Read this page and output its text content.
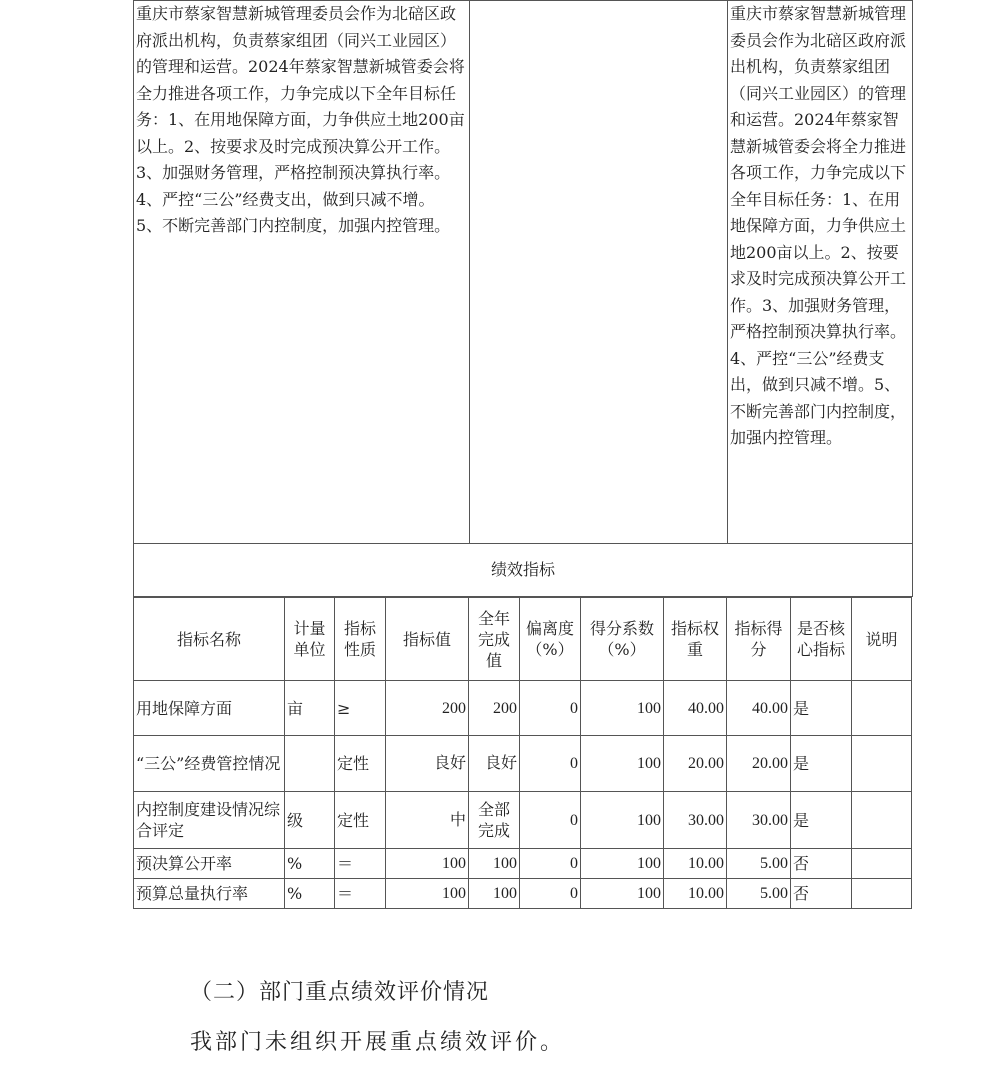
重庆市蔡家智慧新城管理委员会作为北碚区政府派出机构，负责蔡家组团（同兴工业园区）的管理和运营。2024年蔡家智慧新城管委会将全力推进各项工作，力争完成以下全年目标任务：1、在用地保障方面，力争供应土地200亩以上。2、按要求及时完成预决算公开工作。3、加强财务管理，严格控制预决算执行率。4、严控“三公”经费支出，做到只减不增。
5、不断完善部门内控制度，加强内控管理。		重庆市蔡家智慧新城管理委员会作为北碚区政府派出机构，负责蔡家组团（同兴工业园区）的管理和运营。2024年蔡家智慧新城管委会将全力推进各项工作，力争完成以下全年目标任务：1、在用地保障方面，力争供应土地200亩以上。2、按要求及时完成预决算公开工作。3、加强财务管理，严格控制预决算执行率。4、严控“三公”经费支出，做到只减不增。5、不断完善部门内控制度，加强内控管理。
绩效指标
指标名称	计量单位	指标性质	指标值	全年完成值	偏离度（%）	得分系数（%）	指标权重	指标得分	是否核心指标	说明
用地保障方面	亩	≥	200	200	0	100	40.00	40.00	是	
“三公”经费管控情况		定性	良好	良好	0	100	20.00	20.00	是	
内控制度建设情况综合评定	级	定性	中	全部完成	0	100	30.00	30.00	是	
预决算公开率	%	＝	100	100	0	100	10.00	5.00	否	
预算总量执行率	%	＝	100	100	0	100	10.00	5.00	否	
（二）部门重点绩效评价情况
我部门未组织开展重点绩效评价。
